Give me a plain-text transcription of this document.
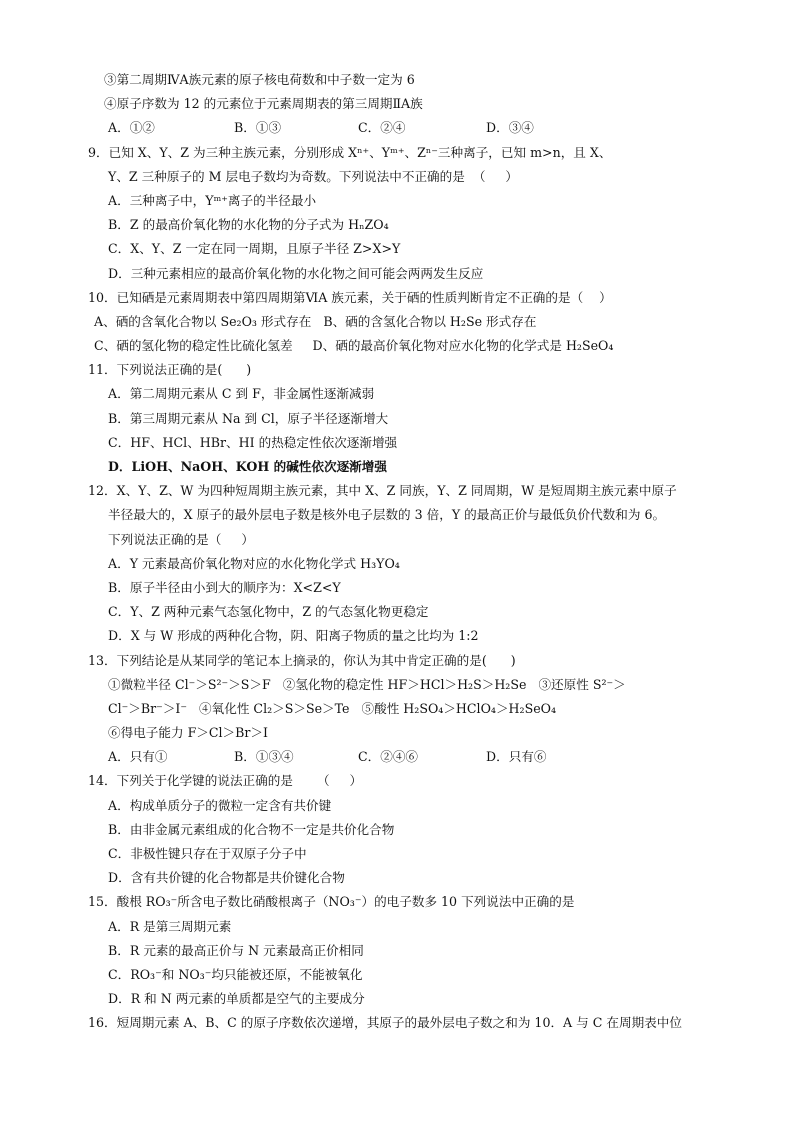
③第二周期ⅣA族元素的原子核电荷数和中子数一定为 6
④原子序数为 12 的元素位于元素周期表的第三周期ⅡA族
A．①②	B．①③	C．②④	D．③④
9．已知 X、Y、Z 为三种主族元素，分别形成 Xⁿ⁺、Yᵐ⁺、Zⁿ⁻三种离子，已知 m>n，且 X、
Y、Z 三种原子的 M 层电子数均为奇数。下列说法中不正确的是  （     ）
A．三种离子中，Yᵐ⁺离子的半径最小
B．Z 的最高价氧化物的水化物的分子式为 HₙZO₄
C．X、Y、Z 一定在同一周期，且原子半径 Z>X>Y
D．三种元素相应的最高价氧化物的水化物之间可能会两两发生反应
10．已知硒是元素周期表中第四周期第ⅥA 族元素，关于硒的性质判断肯定不正确的是（    ）
A、硒的含氧化合物以 Se₂O₃ 形式存在   B、硒的含氢化合物以 H₂Se 形式存在
C、硒的氢化物的稳定性比硫化氢差     D、硒的最高价氧化物对应水化物的化学式是 H₂SeO₄
11．下列说法正确的是(      )
A．第二周期元素从 C 到 F，非金属性逐渐减弱
B．第三周期元素从 Na 到 Cl，原子半径逐渐增大
C．HF、HCl、HBr、HI 的热稳定性依次逐渐增强
D．LiOH、NaOH、KOH 的碱性依次逐渐增强
12．X、Y、Z、W 为四种短周期主族元素，其中 X、Z 同族，Y、Z 同周期，W 是短周期主族元素中原子
半径最大的，X 原子的最外层电子数是核外电子层数的 3 倍，Y 的最高正价与最低负价代数和为 6。
下列说法正确的是（     ）
A．Y 元素最高价氧化物对应的水化物化学式 H₃YO₄
B．原子半径由小到大的顺序为：X<Z<Y
C．Y、Z 两种元素气态氢化物中，Z 的气态氢化物更稳定
D．X 与 W 形成的两种化合物，阴、阳离子物质的量之比均为 1:2
13．下列结论是从某同学的笔记本上摘录的，你认为其中肯定正确的是(      )
①微粒半径 Cl⁻＞S²⁻＞S＞F   ②氢化物的稳定性 HF＞HCl＞H₂S＞H₂Se   ③还原性 S²⁻＞
Cl⁻＞Br⁻＞I⁻   ④氧化性 Cl₂＞S＞Se＞Te   ⑤酸性 H₂SO₄＞HClO₄＞H₂SeO₄
⑥得电子能力 F＞Cl＞Br＞I
A．只有①	B．①③④	C．②④⑥	D．只有⑥
14．下列关于化学键的说法正确的是      （     ）
A．构成单质分子的微粒一定含有共价键
B．由非金属元素组成的化合物不一定是共价化合物
C．非极性键只存在于双原子分子中
D．含有共价键的化合物都是共价键化合物
15．酸根 RO₃⁻所含电子数比硝酸根离子（NO₃⁻）的电子数多 10 下列说法中正确的是
A．R 是第三周期元素
B．R 元素的最高正价与 N 元素最高正价相同
C．RO₃⁻和 NO₃⁻均只能被还原，不能被氧化
D．R 和 N 两元素的单质都是空气的主要成分
16．短周期元素 A、B、C 的原子序数依次递增，其原子的最外层电子数之和为 10．A 与 C 在周期表中位
